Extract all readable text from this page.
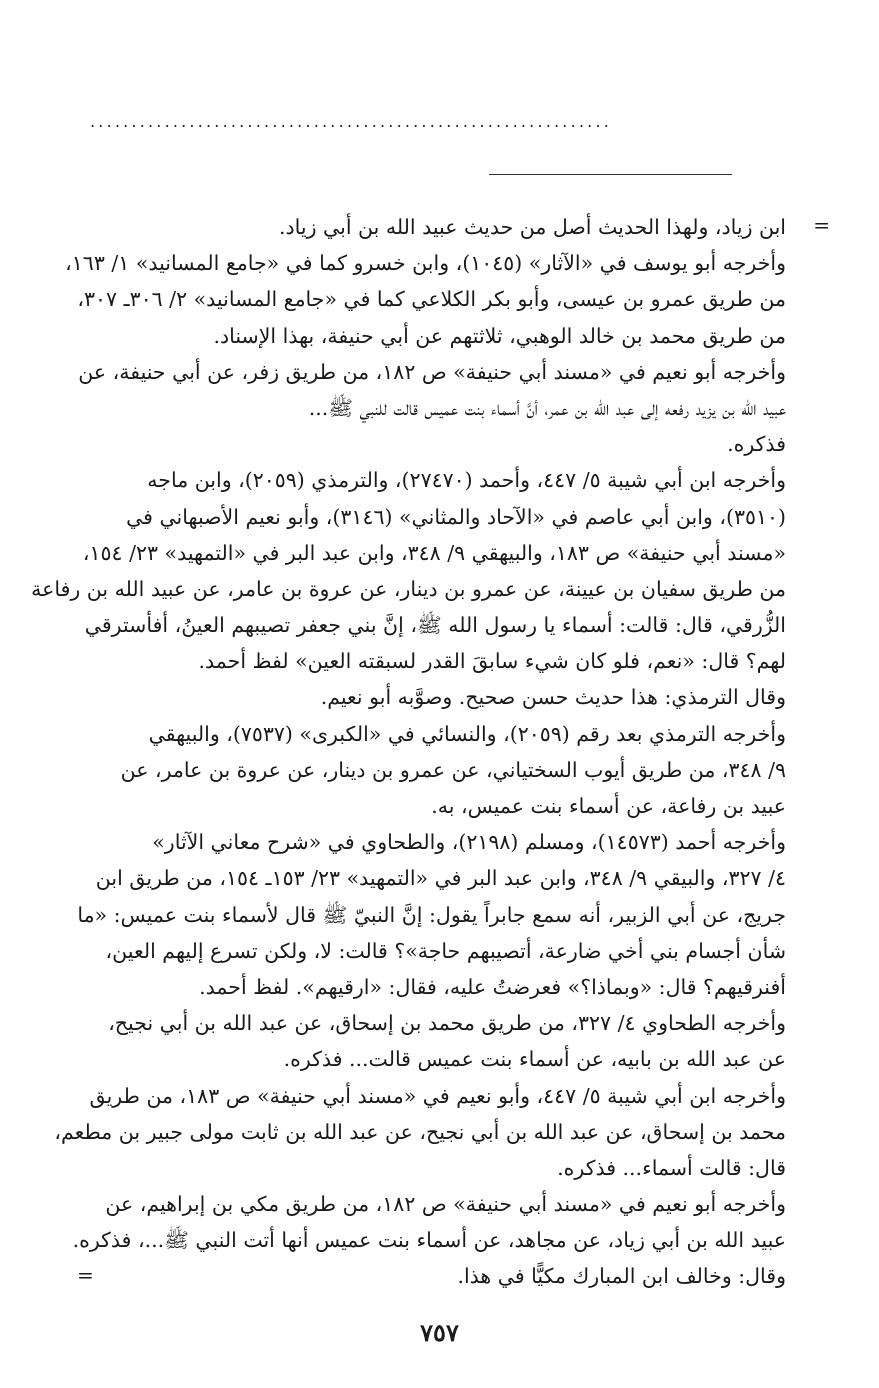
...............................................................
=
ابن زياد، ولهذا الحديث أصل من حديث عبيد الله بن أبي زياد.
وأخرجه أبو يوسف في «الآثار» (١٠٤٥)، وابن خسرو كما في «جامع المسانيد» ١/ ١٦٣،
من طريق عمرو بن عيسى، وأبو بكر الكلاعي كما في «جامع المسانيد» ٢/ ٣٠٦ـ ٣٠٧،
من طريق محمد بن خالد الوهبي، ثلاثتهم عن أبي حنيفة، بهذا الإسناد.
وأخرجه أبو نعيم في «مسند أبي حنيفة» ص ١٨٢، من طريق زفر، عن أبي حنيفة، عن
عبيد الله بن يزيد رفعه إلى عبد الله بن عمر، أنَّ أسماء بنت عميس قالت للنبي ﷺ...
فذكره.
وأخرجه ابن أبي شيبة ٥/ ٤٤٧، وأحمد (٢٧٤٧٠)، والترمذي (٢٠٥٩)، وابن ماجه
(٣٥١٠)، وابن أبي عاصم في «الآحاد والمثاني» (٣١٤٦)، وأبو نعيم الأصبهاني في
«مسند أبي حنيفة» ص ١٨٣، والبيهقي ٩/ ٣٤٨، وابن عبد البر في «التمهيد» ٢٣/ ١٥٤،
من طريق سفيان بن عيينة، عن عمرو بن دينار، عن عروة بن عامر، عن عبيد الله بن رفاعة
الزُّرقي، قال: قالت: أسماء يا رسول الله ﷺ، إنَّ بني جعفر تصيبهم العينُ، أفأسترقي
لهم؟ قال: «نعم، فلو كان شيء سابقَ القدر لسبقته العين» لفظ أحمد.
وقال الترمذي: هذا حديث حسن صحيح. وصوَّبه أبو نعيم.
وأخرجه الترمذي بعد رقم (٢٠٥٩)، والنسائي في «الكبرى» (٧٥٣٧)، والبيهقي
٩/ ٣٤٨، من طريق أيوب السختياني، عن عمرو بن دينار، عن عروة بن عامر، عن
عبيد بن رفاعة، عن أسماء بنت عميس، به.
وأخرجه أحمد (١٤٥٧٣)، ومسلم (٢١٩٨)، والطحاوي في «شرح معاني الآثار»
٤/ ٣٢٧، والبيقي ٩/ ٣٤٨، وابن عبد البر في «التمهيد» ٢٣/ ١٥٣ـ ١٥٤، من طريق ابن
جريج، عن أبي الزبير، أنه سمع جابراً يقول: إنَّ النبيّ ﷺ قال لأسماء بنت عميس: «ما
شأن أجسام بني أخي ضارعة، أتصيبهم حاجة»؟ قالت: لا، ولكن تسرع إليهم العين،
أفنرقيهم؟ قال: «وبماذا؟» فعرضتُ عليه، فقال: «ارقيهم». لفظ أحمد.
وأخرجه الطحاوي ٤/ ٣٢٧، من طريق محمد بن إسحاق، عن عبد الله بن أبي نجيح،
عن عبد الله بن بابيه، عن أسماء بنت عميس قالت... فذكره.
وأخرجه ابن أبي شيبة ٥/ ٤٤٧، وأبو نعيم في «مسند أبي حنيفة» ص ١٨٣، من طريق
محمد بن إسحاق، عن عبد الله بن أبي نجيح، عن عبد الله بن ثابت مولى جبير بن مطعم،
قال: قالت أسماء... فذكره.
وأخرجه أبو نعيم في «مسند أبي حنيفة» ص ١٨٢، من طريق مكي بن إبراهيم، عن
عبيد الله بن أبي زياد، عن مجاهد، عن أسماء بنت عميس أنها أتت النبي ﷺ...، فذكره.
وقال: وخالف ابن المبارك مكيًّا في هذا.
=
٧٥٧
